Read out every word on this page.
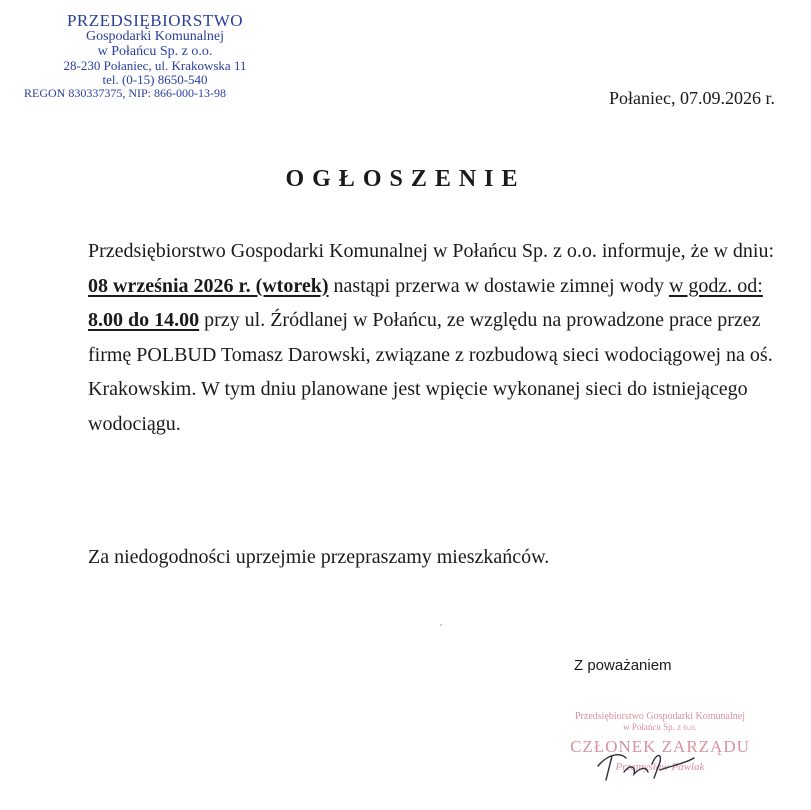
PRZEDSIĘBIORSTWO
Gospodarki Komunalnej
w Połańcu Sp. z o.o.
28-230 Połaniec, ul. Krakowska 11
tel. (0-15) 8650-540
REGON 830337375, NIP: 866-000-13-98	Połaniec, 07.09.2026 r.
OGŁOSZENIE

Przedsiębiorstwo Gospodarki Komunalnej w Połańcu Sp. z o.o. informuje, że w dniu: 08 września 2026 r. (wtorek) nastąpi przerwa w dostawie zimnej wody w godz. od: 8.00 do 14.00 przy ul. Źródlanej w Połańcu, ze względu na prowadzone prace przez firmę POLBUD Tomasz Darowski, związane z rozbudową sieci wodociągowej na oś. Krakowskim. W tym dniu planowane jest wpięcie wykonanej sieci do istniejącego wodociągu.

Za niedogodności uprzejmie przepraszamy mieszkańców.
Z poważaniem
Przedsiębiorstwo Gospodarki Komunalnej
w Połańcu Sp. z o.o.
CZŁONEK ZARZĄDU
Przemysław Pawlak
